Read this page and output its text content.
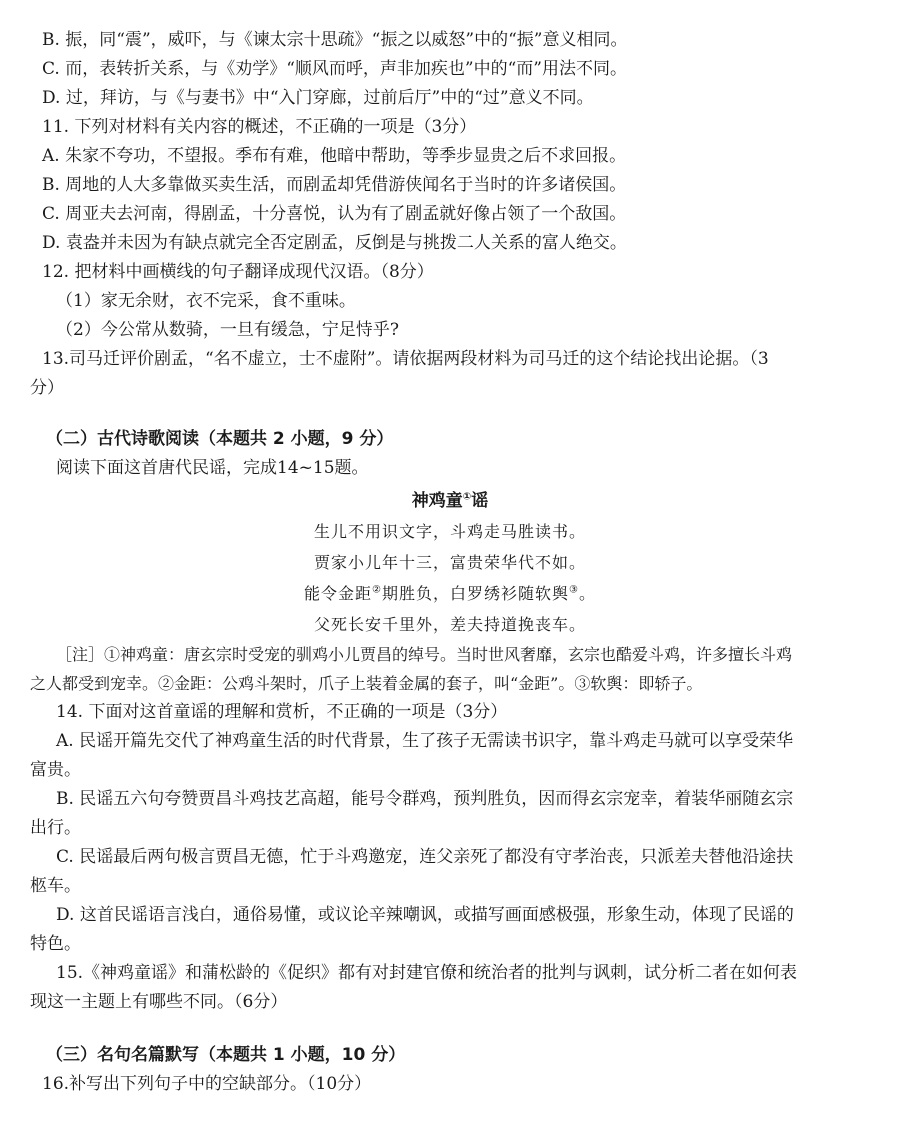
B. 振，同“震”，威吓，与《谏太宗十思疏》“振之以威怒”中的“振”意义相同。
C. 而，表转折关系，与《劝学》“顺风而呼，声非加疾也”中的“而”用法不同。
D. 过，拜访，与《与妻书》中“入门穿廊，过前后厅”中的“过”意义不同。
11. 下列对材料有关内容的概述，不正确的一项是（3分）
A. 朱家不夸功，不望报。季布有难，他暗中帮助，等季步显贵之后不求回报。
B. 周地的人大多靠做买卖生活，而剧孟却凭借游侠闻名于当时的许多诸侯国。
C. 周亚夫去河南，得剧孟，十分喜悦，认为有了剧孟就好像占领了一个敌国。
D. 袁盎并未因为有缺点就完全否定剧孟，反倒是与挑拨二人关系的富人绝交。
12. 把材料中画横线的句子翻译成现代汉语。（8分）
（1）家无余财，衣不完采，食不重味。
（2）今公常从数骑，一旦有缓急，宁足恃乎?
13.司马迁评价剧孟，“名不虚立，士不虚附”。请依据两段材料为司马迁的这个结论找出论据。（3
分）
（二）古代诗歌阅读（本题共 2 小题，9 分）
阅读下面这首唐代民谣，完成14~15题。
神鸡童①谣
生儿不用识文字，斗鸡走马胜读书。
贾家小儿年十三，富贵荣华代不如。
能令金距②期胜负，白罗绣衫随软舆③。
父死长安千里外，差夫持道挽丧车。
［注］①神鸡童：唐玄宗时受宠的驯鸡小儿贾昌的绰号。当时世风奢靡，玄宗也酷爱斗鸡，许多擅长斗鸡
之人都受到宠幸。②金距：公鸡斗架时，爪子上装着金属的套子，叫“金距”。③软舆：即轿子。
14. 下面对这首童谣的理解和赏析，不正确的一项是（3分）
A. 民谣开篇先交代了神鸡童生活的时代背景，生了孩子无需读书识字，靠斗鸡走马就可以享受荣华
富贵。
B. 民谣五六句夸赞贾昌斗鸡技艺高超，能号令群鸡，预判胜负，因而得玄宗宠幸，着装华丽随玄宗
出行。
C. 民谣最后两句极言贾昌无德，忙于斗鸡邀宠，连父亲死了都没有守孝治丧，只派差夫替他沿途扶
柩车。
D. 这首民谣语言浅白，通俗易懂，或议论辛辣嘲讽，或描写画面感极强，形象生动，体现了民谣的
特色。
15.《神鸡童谣》和蒲松龄的《促织》都有对封建官僚和统治者的批判与讽刺，试分析二者在如何表
现这一主题上有哪些不同。（6分）
（三）名句名篇默写（本题共 1 小题，10 分）
16.补写出下列句子中的空缺部分。（10分）
